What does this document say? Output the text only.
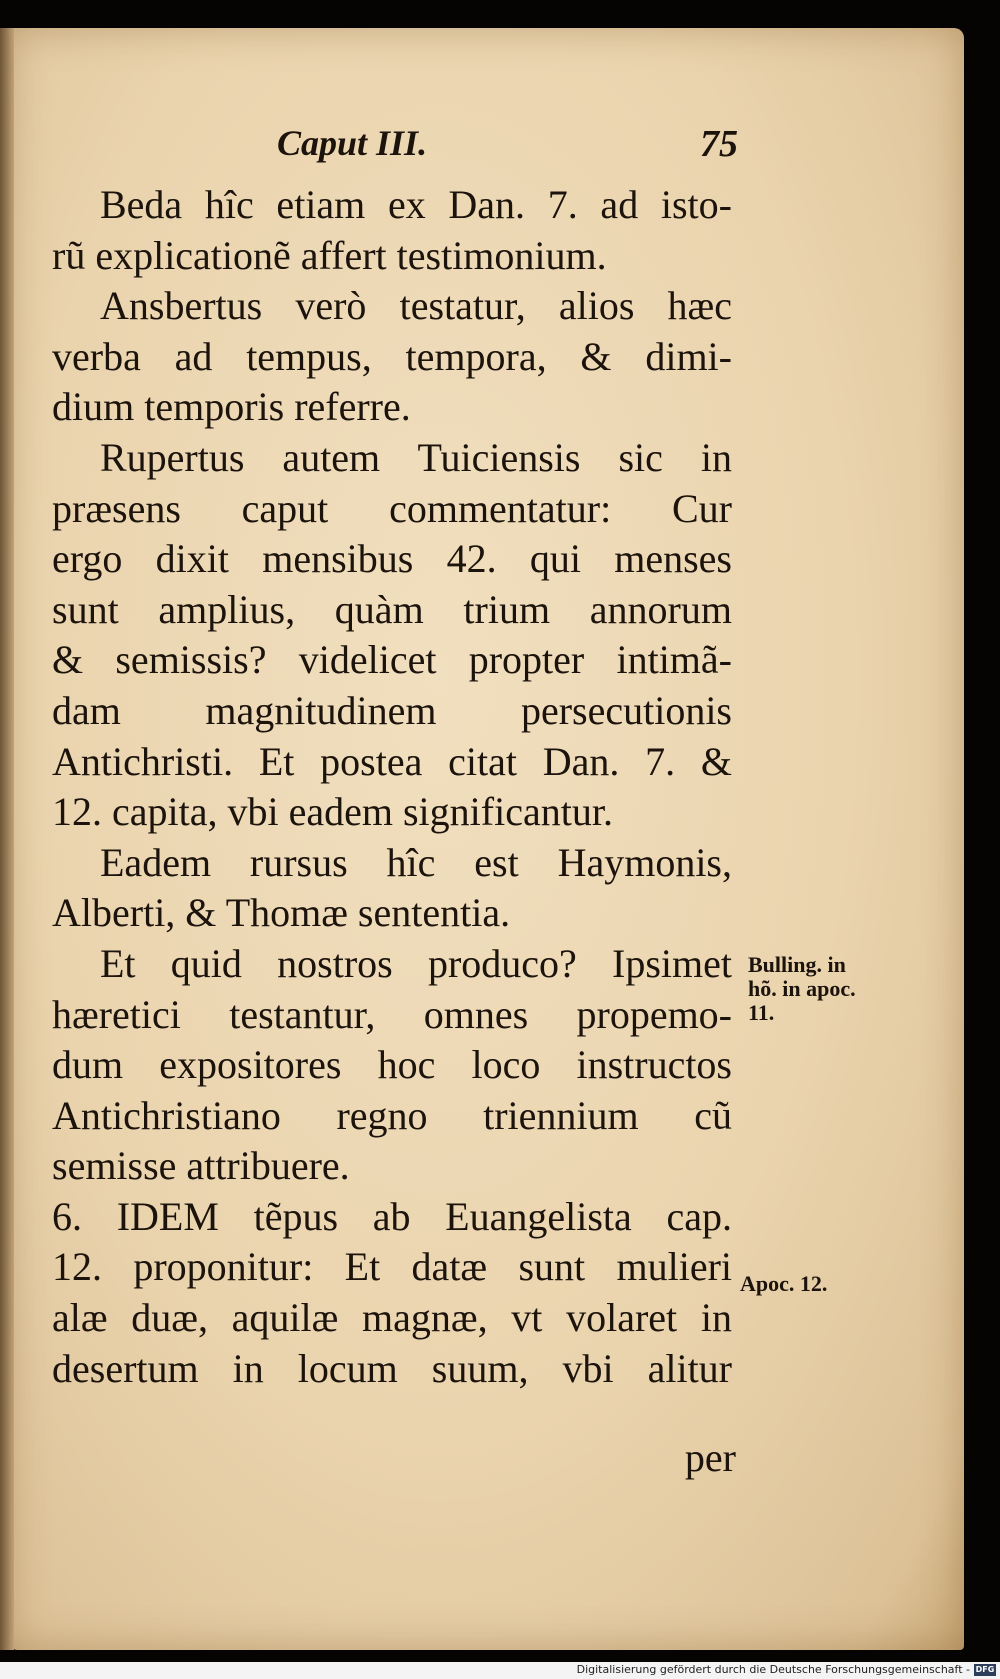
Caput III.	75
Beda hîc etiam ex Dan. 7. ad isto-
rũ explicationẽ affert testimonium.
Ansbertus verò testatur, alios hæc
verba ad tempus, tempora, & dimi-
dium temporis referre.
Rupertus autem Tuiciensis sic in
præsens caput commentatur: Cur
ergo dixit mensibus 42. qui menses
sunt amplius, quàm trium annorum
& semissis? videlicet propter intimã-
dam magnitudinem persecutionis
Antichristi. Et postea citat Dan. 7. &
12. capita, vbi eadem significantur.
Eadem rursus hîc est Haymonis,
Alberti, & Thomæ sententia.
Et quid nostros produco? Ipsimet
hæretici testantur, omnes propemo-
dum expositores hoc loco instructos
Antichristiano regno triennium cũ
semisse attribuere.
6. IDEM tẽpus ab Euangelista cap.
12. proponitur: Et datæ sunt mulieri
alæ duæ, aquilæ magnæ, vt volaret in
desertum in locum suum, vbi alitur
per
Bulling. in
hõ. in apoc.
11.
Apoc. 12.
Digitalisierung gefördert durch die Deutsche Forschungsgemeinschaft - DFG
